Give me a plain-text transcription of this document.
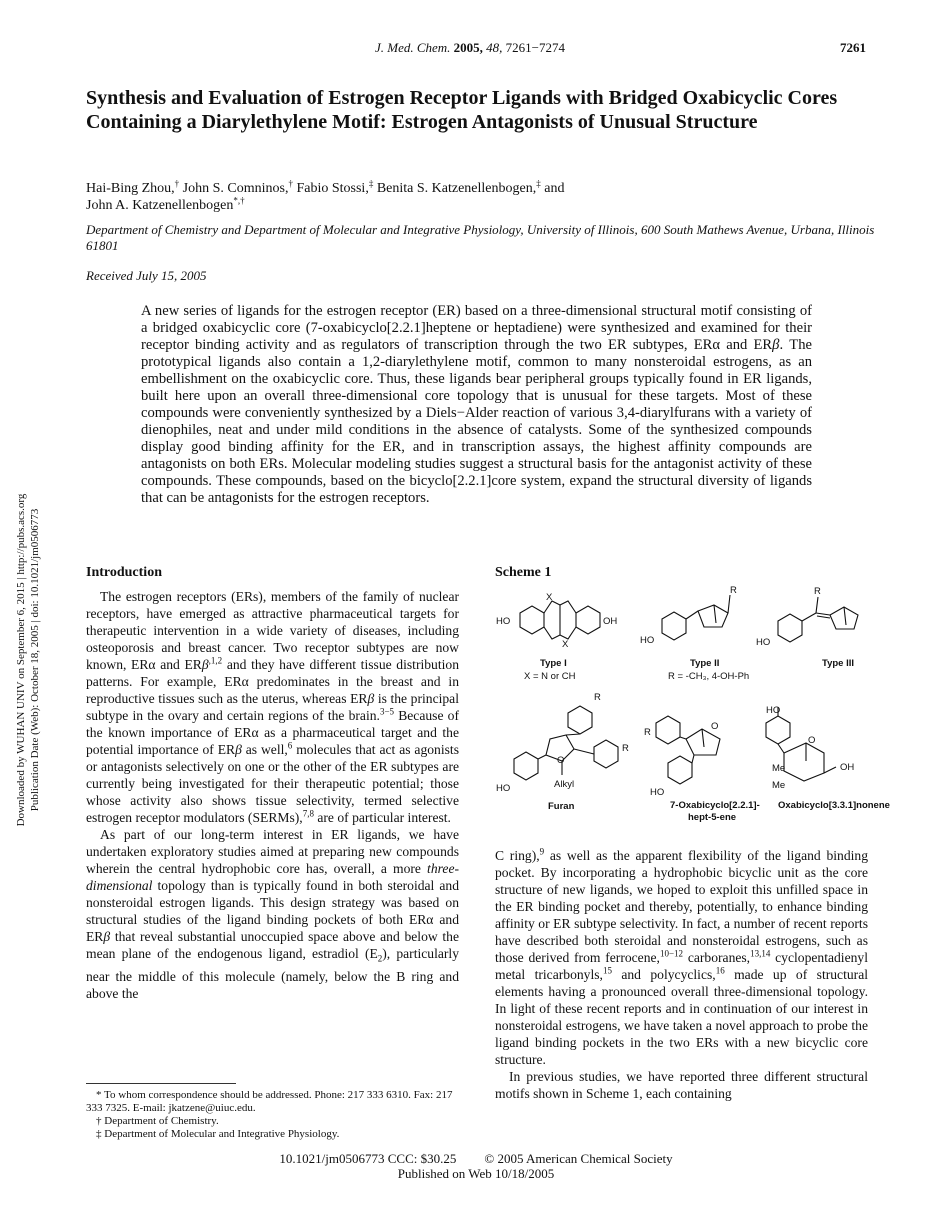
J. Med. Chem. 2005, 48, 7261−7274	7261
Synthesis and Evaluation of Estrogen Receptor Ligands with Bridged Oxabicyclic Cores Containing a Diarylethylene Motif: Estrogen Antagonists of Unusual Structure
Hai-Bing Zhou,† John S. Comninos,† Fabio Stossi,‡ Benita S. Katzenellenbogen,‡ and
John A. Katzenellenbogen*,†
Department of Chemistry and Department of Molecular and Integrative Physiology, University of Illinois, 600 South Mathews Avenue, Urbana, Illinois 61801
Received July 15, 2005

A new series of ligands for the estrogen receptor (ER) based on a three-dimensional structural motif consisting of a bridged oxabicyclic core (7-oxabicyclo[2.2.1]heptene or heptadiene) were synthesized and examined for their receptor binding activity and as regulators of transcription through the two ER subtypes, ERα and ERβ. The prototypical ligands also contain a 1,2-diarylethylene motif, common to many nonsteroidal estrogens, as an embellishment on the oxabicyclic core. Thus, these ligands bear peripheral groups typically found in ER ligands, built here upon an overall three-dimensional core topology that is unusual for these targets. Most of these compounds were conveniently synthesized by a Diels−Alder reaction of various 3,4-diarylfurans with a variety of dienophiles, neat and under mild conditions in the absence of catalysts. Some of the synthesized compounds display good binding affinity for the ER, and in transcription assays, the highest affinity compounds are antagonists on both ERs. Molecular modeling studies suggest a structural basis for the antagonist activity of these compounds. These compounds, based on the bicyclo[2.2.1]core system, expand the structural diversity of ligands that can be antagonists for the estrogen receptors.

Downloaded by WUHAN UNIV on September 6, 2015 | http://pubs.acs.org Publication Date (Web): October 18, 2005 | doi: 10.1021/jm0506773	Introduction

The estrogen receptors (ERs), members of the family of nuclear receptors, have emerged as attractive pharmaceutical targets for therapeutic intervention in a wide variety of diseases, including osteoporosis and breast cancer. Two receptor subtypes are now known, ERα and ERβ$^{,1,2}$ and they have different tissue distribution patterns. For example, ERα predominates in the breast and in reproductive tissues such as the uterus, whereas ERβ is the principal subtype in the ovary and certain regions of the brain.$^{3-5}$ Because of the known importance of ERα as a pharmaceutical target and the potential importance of ERβ as well,$^6$ molecules that act as agonists or antagonists selectively on one or the other of the ER subtypes are currently being investigated for their therapeutic potential; those whose activity also shows tissue selectivity, termed selective estrogen receptor modulators (SERMs),$^{7,8}$ are of particular interest.

As part of our long-term interest in ER ligands, we have undertaken exploratory studies aimed at preparing new compounds wherein the central hydrophobic core has, overall, a more three-dimensional topology than is typically found in both steroidal and nonsteroidal estrogen ligands. This design strategy was based on structural studies of the ligand binding pockets of both ERα and ERβ that reveal substantial unoccupied space above and below the mean plane of the endogenous ligand, estradiol $(E_2)$, particularly near the middle of this molecule (namely, below the B ring and above the

* To whom correspondence should be addressed. Phone: 217 333 6310. Fax: 217 333 7325. E-mail: jkatzene@uiuc.edu.
† Department of Chemistry.
‡ Department of Molecular and Integrative Physiology.
Scheme 1
X
X
HO	OH
Type I
X = N or CH
R
HO
Type II
R = -CH₃, 4-OH-Ph
R
HO
Type III
O
Alkyl
R
R
HO
Furan
O
R
HO
7-Oxabicyclo[2.2.1]-
hept-5-ene
O
OH
HO
Me
Me
Oxabicyclo[3.3.1]nonene

C ring),$^9$ as well as the apparent flexibility of the ligand binding pocket. By incorporating a hydrophobic bicyclic unit as the core structure of new ligands, we hoped to exploit this unfilled space in the ER binding pocket and thereby, potentially, to enhance binding affinity or ER subtype selectivity. In fact, a number of recent reports have described both steroidal and nonsteroidal estrogens, such as those derived from ferrocene,$^{10-12}$ carboranes,$^{13,14}$ cyclopentadienyl metal tricarbonyls,$^{15}$ and polycyclics,$^{16}$ made up of structural elements having a pronounced overall three-dimensional topology. In light of these recent reports and in continuation of our interest in nonsteroidal estrogens, we have taken a novel approach to probe the ligand binding pockets in the two ERs with a new bicyclic core structure.

In previous studies, we have reported three different structural motifs shown in Scheme 1, each containing

10.1021/jm0506773 CCC: $30.25 © 2005 American Chemical Society
Published on Web 10/18/2005
